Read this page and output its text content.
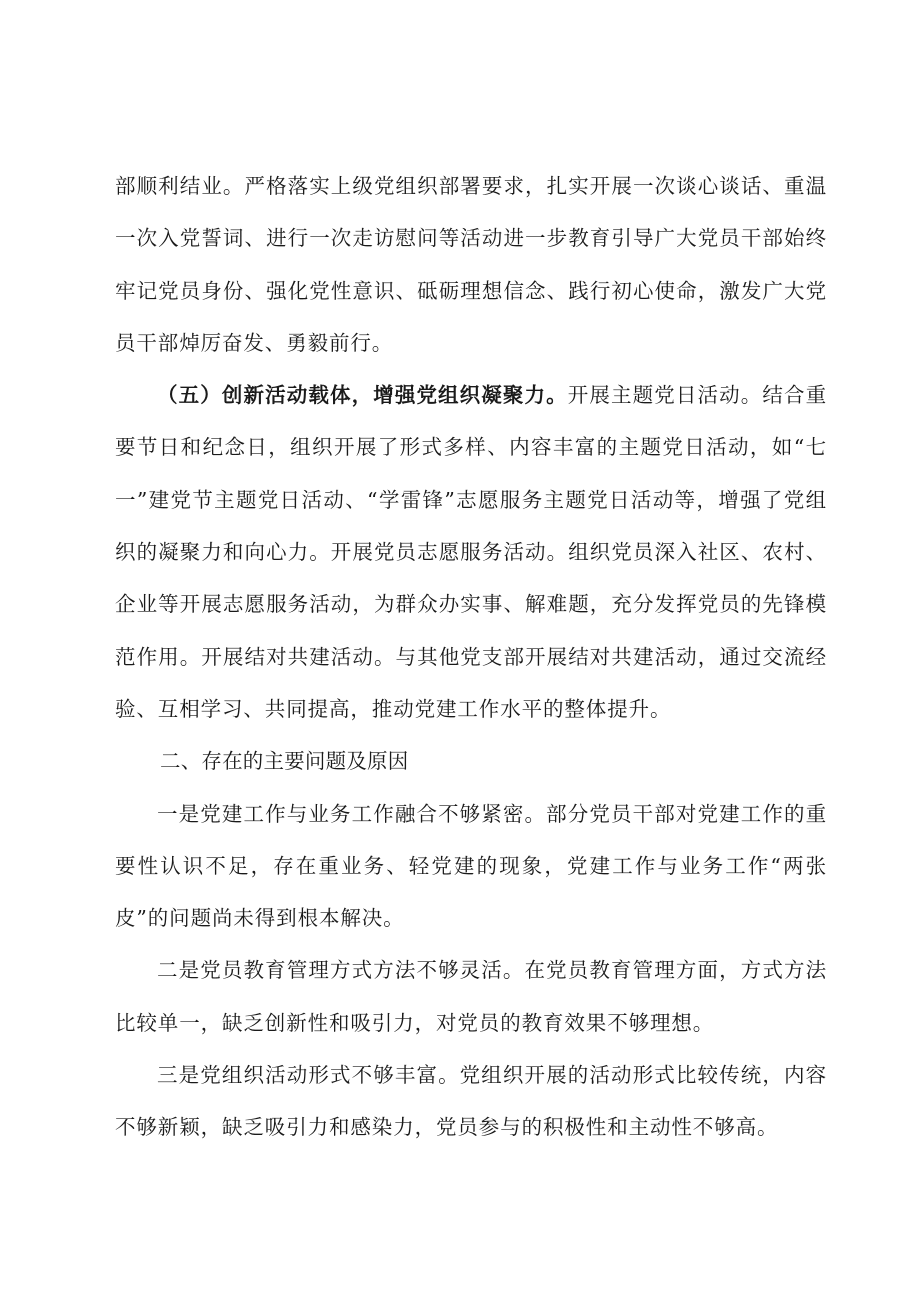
部顺利结业。严格落实上级党组织部署要求，扎实开展一次谈心谈话、重温一次入党誓词、进行一次走访慰问等活动进一步教育引导广大党员干部始终牢记党员身份、强化党性意识、砥砺理想信念、践行初心使命，激发广大党员干部焯厉奋发、勇毅前行。

（五）创新活动载体，增强党组织凝聚力。开展主题党日活动。结合重要节日和纪念日，组织开展了形式多样、内容丰富的主题党日活动，如“七一”建党节主题党日活动、“学雷锋”志愿服务主题党日活动等，增强了党组织的凝聚力和向心力。开展党员志愿服务活动。组织党员深入社区、农村、企业等开展志愿服务活动，为群众办实事、解难题，充分发挥党员的先锋模范作用。开展结对共建活动。与其他党支部开展结对共建活动，通过交流经验、互相学习、共同提高，推动党建工作水平的整体提升。

二、存在的主要问题及原因

一是党建工作与业务工作融合不够紧密。部分党员干部对党建工作的重要性认识不足，存在重业务、轻党建的现象，党建工作与业务工作“两张皮”的问题尚未得到根本解决。

二是党员教育管理方式方法不够灵活。在党员教育管理方面，方式方法比较单一，缺乏创新性和吸引力，对党员的教育效果不够理想。

三是党组织活动形式不够丰富。党组织开展的活动形式比较传统，内容不够新颖，缺乏吸引力和感染力，党员参与的积极性和主动性不够高。
